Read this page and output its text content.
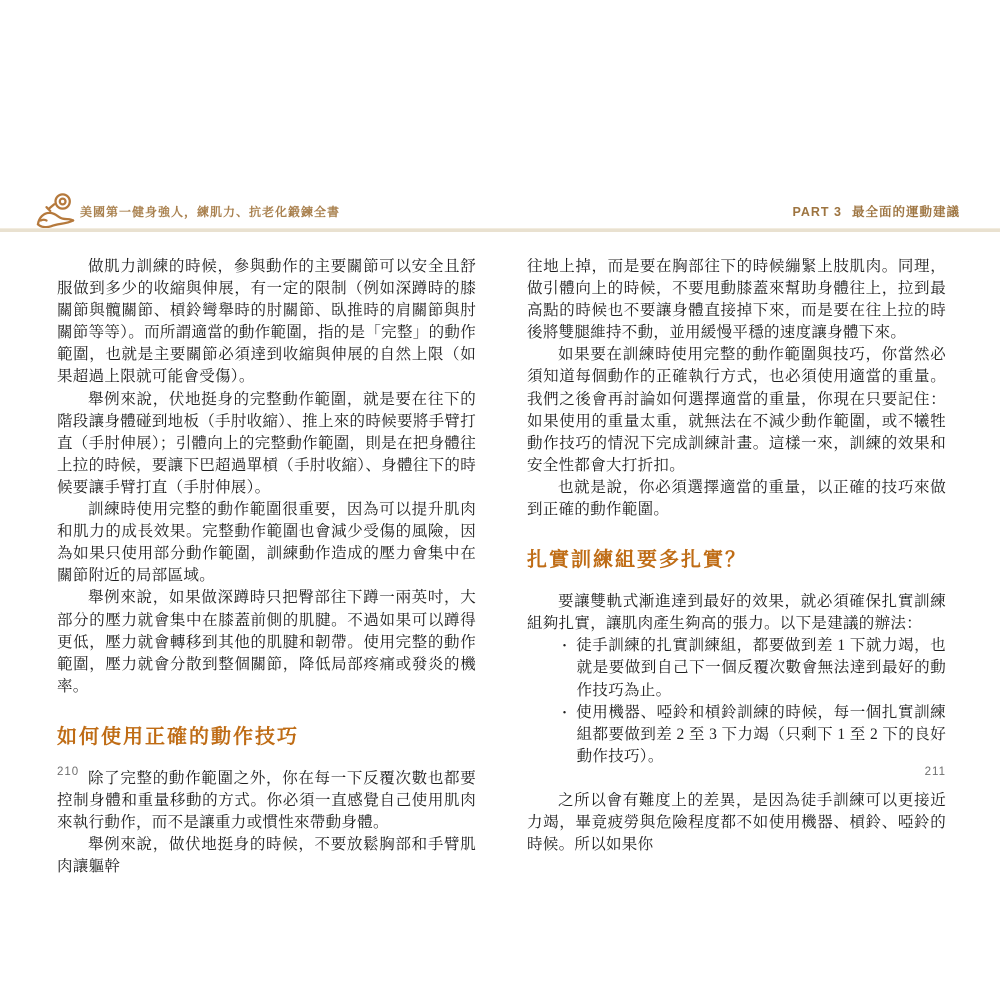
美國第一健身強人，練肌力、抗老化鍛鍊全書	PART 3 最全面的運動建議

做肌力訓練的時候，參與動作的主要關節可以安全且舒服做到多少的收縮與伸展，有一定的限制（例如深蹲時的膝關節與髖關節、槓鈴彎舉時的肘關節、臥推時的肩關節與肘關節等等）。而所謂適當的動作範圍，指的是「完整」的動作範圍，也就是主要關節必須達到收縮與伸展的自然上限（如果超過上限就可能會受傷）。

舉例來說，伏地挺身的完整動作範圍，就是要在往下的階段讓身體碰到地板（手肘收縮）、推上來的時候要將手臂打直（手肘伸展）；引體向上的完整動作範圍，則是在把身體往上拉的時候，要讓下巴超過單槓（手肘收縮）、身體往下的時候要讓手臂打直（手肘伸展）。

訓練時使用完整的動作範圍很重要，因為可以提升肌肉和肌力的成長效果。完整動作範圍也會減少受傷的風險，因為如果只使用部分動作範圍，訓練動作造成的壓力會集中在關節附近的局部區域。

舉例來說，如果做深蹲時只把臀部往下蹲一兩英吋，大部分的壓力就會集中在膝蓋前側的肌腱。不過如果可以蹲得更低，壓力就會轉移到其他的肌腱和韌帶。使用完整的動作範圍，壓力就會分散到整個關節，降低局部疼痛或發炎的機率。

如何使用正確的動作技巧

除了完整的動作範圍之外，你在每一下反覆次數也都要控制身體和重量移動的方式。你必須一直感覺自己使用肌肉來執行動作，而不是讓重力或慣性來帶動身體。

舉例來說，做伏地挺身的時候，不要放鬆胸部和手臂肌肉讓軀幹

往地上掉，而是要在胸部往下的時候繃緊上肢肌肉。同理，做引體向上的時候，不要甩動膝蓋來幫助身體往上，拉到最高點的時候也不要讓身體直接掉下來，而是要在往上拉的時後將雙腿維持不動，並用緩慢平穩的速度讓身體下來。

如果要在訓練時使用完整的動作範圍與技巧，你當然必須知道每個動作的正確執行方式，也必須使用適當的重量。我們之後會再討論如何選擇適當的重量，你現在只要記住：如果使用的重量太重，就無法在不減少動作範圍，或不犧牲動作技巧的情況下完成訓練計畫。這樣一來，訓練的效果和安全性都會大打折扣。

也就是說，你必須選擇適當的重量，以正確的技巧來做到正確的動作範圍。

扎實訓練組要多扎實？

要讓雙軌式漸進達到最好的效果，就必須確保扎實訓練組夠扎實，讓肌肉產生夠高的張力。以下是建議的辦法：

・ 徒手訓練的扎實訓練組，都要做到差 1 下就力竭，也就是要做到自己下一個反覆次數會無法達到最好的動作技巧為止。
・ 使用機器、啞鈴和槓鈴訓練的時候，每一個扎實訓練組都要做到差 2 至 3 下力竭（只剩下 1 至 2 下的良好動作技巧）。

之所以會有難度上的差異，是因為徒手訓練可以更接近力竭，畢竟疲勞與危險程度都不如使用機器、槓鈴、啞鈴的時候。所以如果你

210	211
